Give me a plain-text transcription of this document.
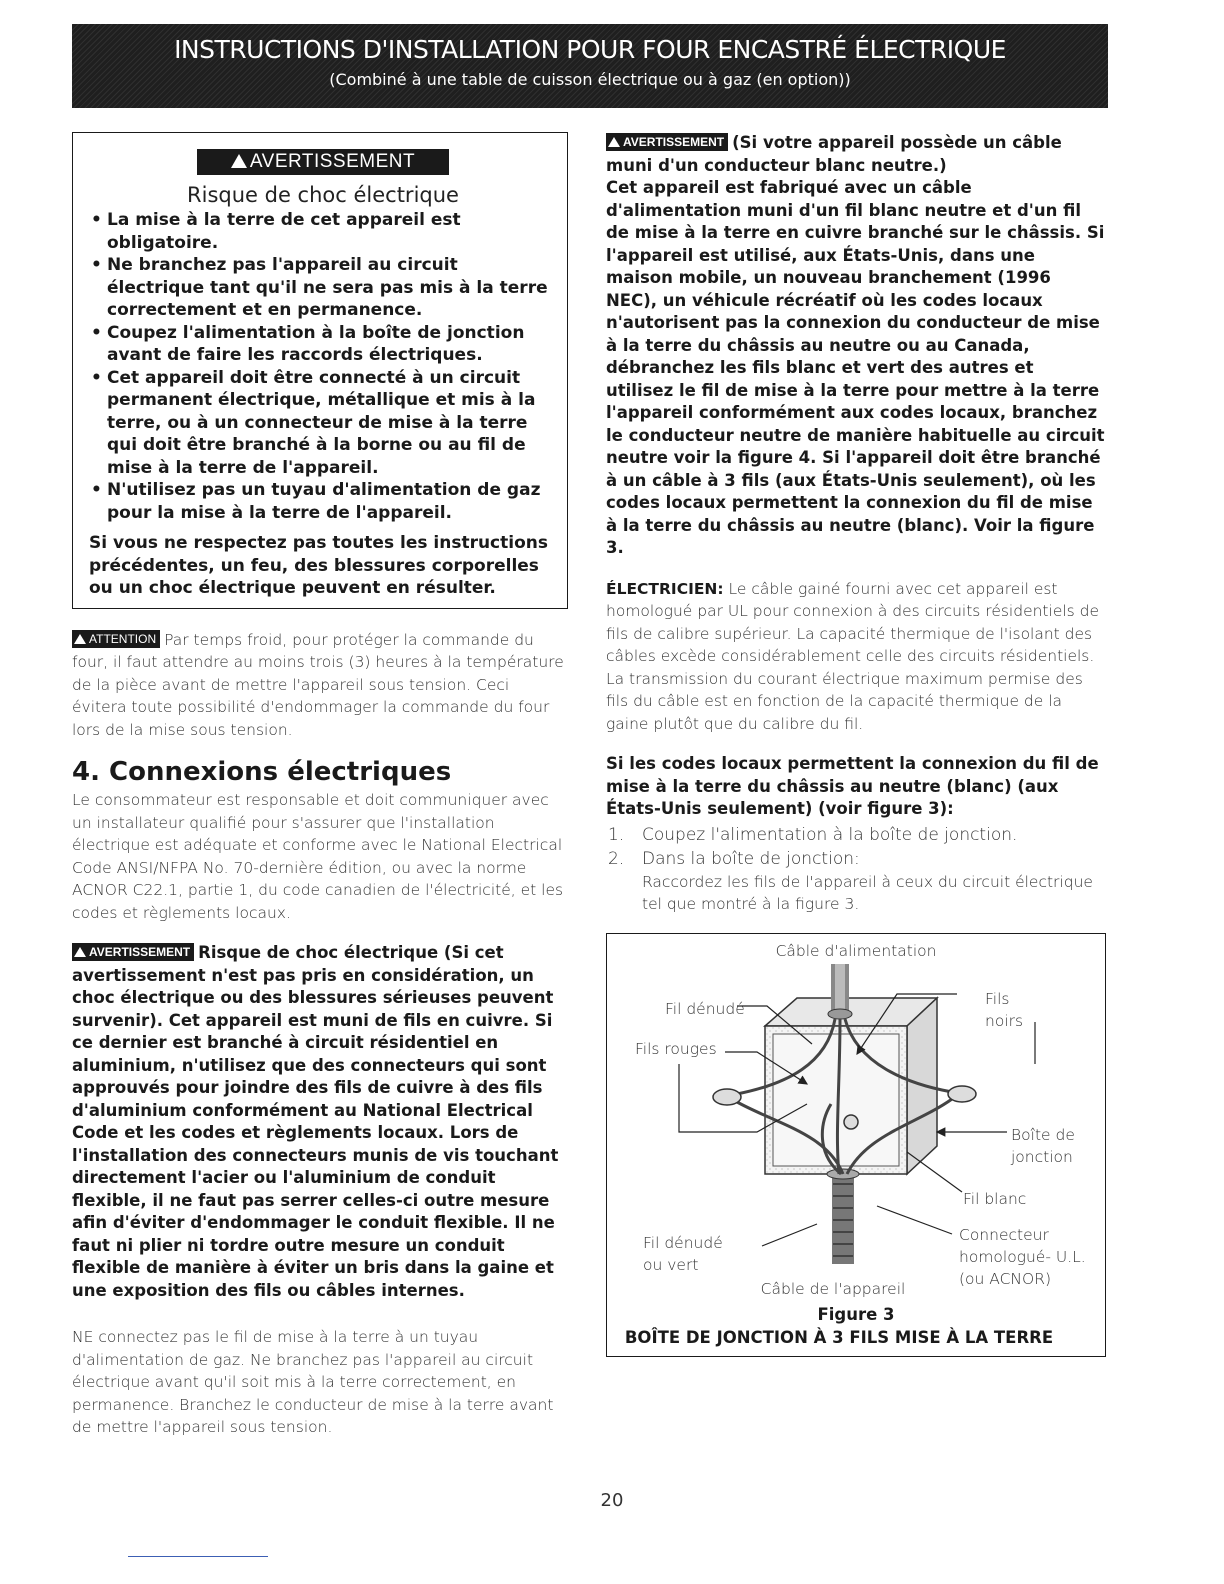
INSTRUCTIONS D'INSTALLATION POUR FOUR ENCASTRÉ ÉLECTRIQUE
(Combiné à une table de cuisson électrique ou à gaz (en option))
AVERTISSEMENT
Risque de choc électrique
• La mise à la terre de cet appareil est obligatoire.
• Ne branchez pas l'appareil au circuit électrique tant qu'il ne sera pas mis à la terre correctement et en permanence.
• Coupez l'alimentation à la boîte de jonction avant de faire les raccords électriques.
• Cet appareil doit être connecté à un circuit permanent électrique, métallique et mis à la terre, ou à un connecteur de mise à la terre qui doit être branché à la borne ou au fil de mise à la terre de l'appareil.
• N'utilisez pas un tuyau d'alimentation de gaz pour la mise à la terre de l'appareil.

Si vous ne respectez pas toutes les instructions précédentes, un feu, des blessures corporelles ou un choc électrique peuvent en résulter.

ATTENTION Par temps froid, pour protéger la commande du four, il faut attendre au moins trois (3) heures à la température de la pièce avant de mettre l'appareil sous tension. Ceci évitera toute possibilité d'endommager la commande du four lors de la mise sous tension.

4. Connexions électriques

Le consommateur est responsable et doit communiquer avec un installateur qualifié pour s'assurer que l'installation électrique est adéquate et conforme avec le National Electrical Code ANSI/NFPA No. 70-dernière édition, ou avec la norme ACNOR C22.1, partie 1, du code canadien de l'électricité, et les codes et règlements locaux.

AVERTISSEMENT Risque de choc électrique (Si cet avertissement n'est pas pris en considération, un choc électrique ou des blessures sérieuses peuvent survenir). Cet appareil est muni de fils en cuivre. Si ce dernier est branché à circuit résidentiel en aluminium, n'utilisez que des connecteurs qui sont approuvés pour joindre des fils de cuivre à des fils d'aluminium conformément au National Electrical Code et les codes et règlements locaux. Lors de l'installation des connecteurs munis de vis touchant directement l'acier ou l'aluminium de conduit flexible, il ne faut pas serrer celles-ci outre mesure afin d'éviter d'endommager le conduit flexible. Il ne faut ni plier ni tordre outre mesure un conduit flexible de manière à éviter un bris dans la gaine et une exposition des fils ou câbles internes.

NE connectez pas le fil de mise à la terre à un tuyau d'alimentation de gaz. Ne branchez pas l'appareil au circuit électrique avant qu'il soit mis à la terre correctement, en permanence. Branchez le conducteur de mise à la terre avant de mettre l'appareil sous tension.

AVERTISSEMENT (Si votre appareil possède un câble muni d'un conducteur blanc neutre.)
Cet appareil est fabriqué avec un câble d'alimentation muni d'un fil blanc neutre et d'un fil de mise à la terre en cuivre branché sur le châssis. Si l'appareil est utilisé, aux États-Unis, dans une maison mobile, un nouveau branchement (1996 NEC), un véhicule récréatif où les codes locaux n'autorisent pas la connexion du conducteur de mise à la terre du châssis au neutre ou au Canada, débranchez les fils blanc et vert des autres et utilisez le fil de mise à la terre pour mettre à la terre l'appareil conformément aux codes locaux, branchez le conducteur neutre de manière habituelle au circuit neutre voir la figure 4. Si l'appareil doit être branché à un câble à 3 fils (aux États-Unis seulement), où les codes locaux permettent la connexion du fil de mise à la terre du châssis au neutre (blanc). Voir la figure 3.

ÉLECTRICIEN: Le câble gainé fourni avec cet appareil est homologué par UL pour connexion à des circuits résidentiels de fils de calibre supérieur. La capacité thermique de l'isolant des câbles excède considérablement celle des circuits résidentiels. La transmission du courant électrique maximum permise des fils du câble est en fonction de la capacité thermique de la gaine plutôt que du calibre du fil.

Si les codes locaux permettent la connexion du fil de mise à la terre du châssis au neutre (blanc) (aux États-Unis seulement) (voir figure 3):

1. Coupez l'alimentation à la boîte de jonction.
2. Dans la boîte de jonction:
Raccordez les fils de l'appareil à ceux du circuit électrique tel que montré à la figure 3.
Câble d'alimentation
Fil dénudé
Fils rouges
Fils
noirs
Boîte de
jonction
Fil blanc
Fil dénudé
ou vert
Connecteur
homologué- U.L.
(ou ACNOR)
Câble de l'appareil
Figure 3
BOÎTE DE JONCTION À 3 FILS MISE À LA TERRE
20
